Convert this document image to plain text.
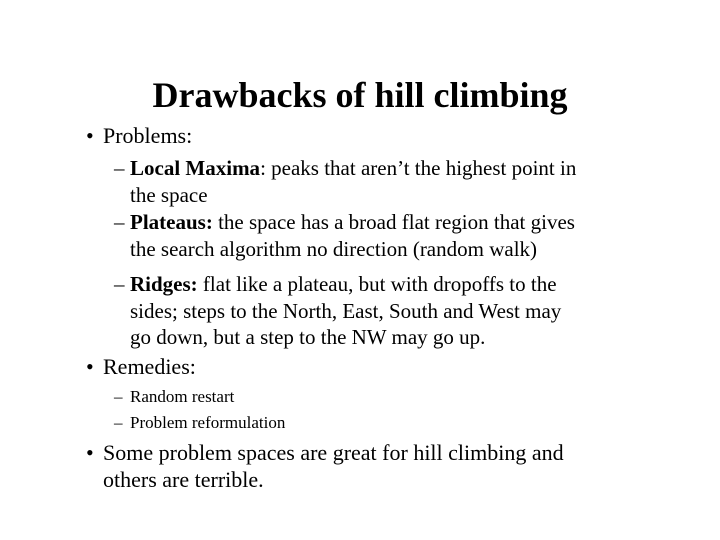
Drawbacks of hill climbing
• Problems:
– Local Maxima: peaks that aren’t the highest point in
the space
– Plateaus: the space has a broad flat region that gives
the search algorithm no direction (random walk)
– Ridges: flat like a plateau, but with dropoffs to the
sides; steps to the North, East, South and West may
go down, but a step to the NW may go up.
• Remedies:
– Random restart
– Problem reformulation
• Some problem spaces are great for hill climbing and
others are terrible.
